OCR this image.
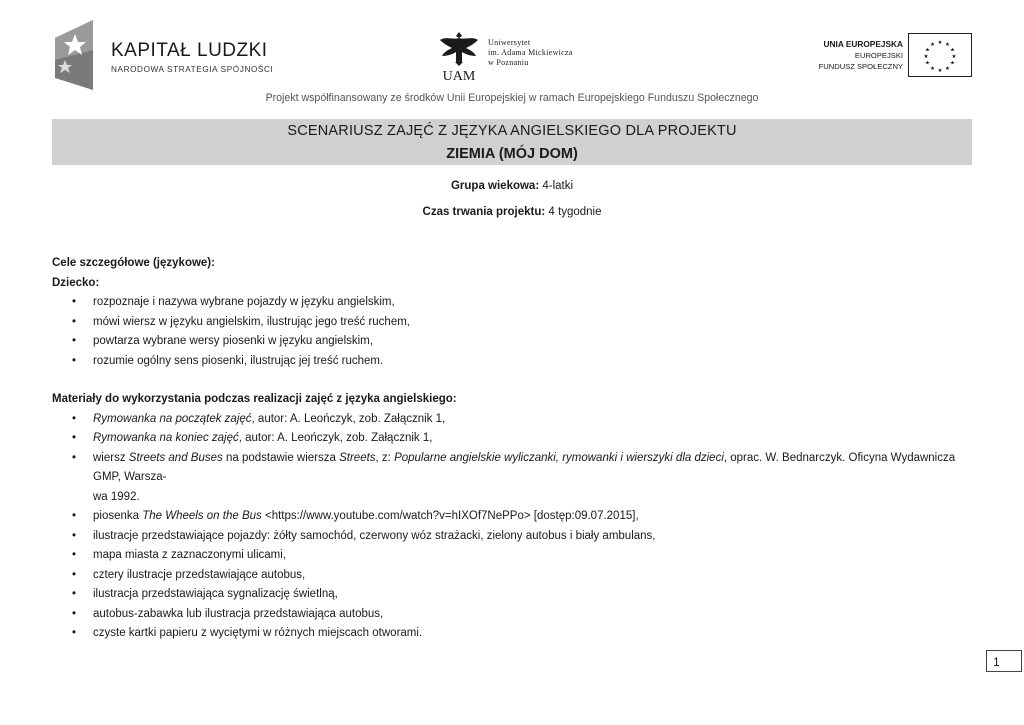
KAPITAŁ LUDZKI
NARODOWA STRATEGIA SPÓJNOŚCI	UAM
Uniwersytet
im. Adama Mickiewicza
w Poznaniu
UNIA EUROPEJSKA
EUROPEJSKI
FUNDUSZ SPOŁECZNY
★ ★
★
★
★
★
★
★
★
★
★
★
Projekt współfinansowany ze środków Unii Europejskiej w ramach Europejskiego Funduszu Społecznego
SCENARIUSZ ZAJĘĆ Z JĘZYKA ANGIELSKIEGO DLA PROJEKTU
ZIEMIA (MÓJ DOM)
Grupa wiekowa: 4-latki
Czas trwania projektu: 4 tygodnie
Cele szczegółowe (językowe):
Dziecko:
• rozpoznaje i nazywa wybrane pojazdy w języku angielskim,
• mówi wiersz w języku angielskim, ilustrując jego treść ruchem,
• powtarza wybrane wersy piosenki w języku angielskim,
• rozumie ogólny sens piosenki, ilustrując jej treść ruchem.
Materiały do wykorzystania podczas realizacji zajęć z języka angielskiego:
• Rymowanka na początek zajęć, autor: A. Leończyk, zob. Załącznik 1,
• Rymowanka na koniec zajęć, autor: A. Leończyk, zob. Załącznik 1,
• wiersz Streets and Buses na podstawie wiersza Streets, z: Popularne angielskie wyliczanki, rymowanki i wierszyki dla dzieci, oprac. W. Bednarczyk. Oficyna Wydawnicza GMP, Warsza-
wa 1992.
• piosenka The Wheels on the Bus <https://www.youtube.com/watch?v=hIXOf7NePPo> [dostęp:09.07.2015],
• ilustracje przedstawiające pojazdy: żółty samochód, czerwony wóz strażacki, zielony autobus i biały ambulans,
• mapa miasta z zaznaczonymi ulicami,
• cztery ilustracje przedstawiające autobus,
• ilustracja przedstawiająca sygnalizację świetlną,
• autobus-zabawka lub ilustracja przedstawiająca autobus,
• czyste kartki papieru z wyciętymi w różnych miejscach otworami.
1
